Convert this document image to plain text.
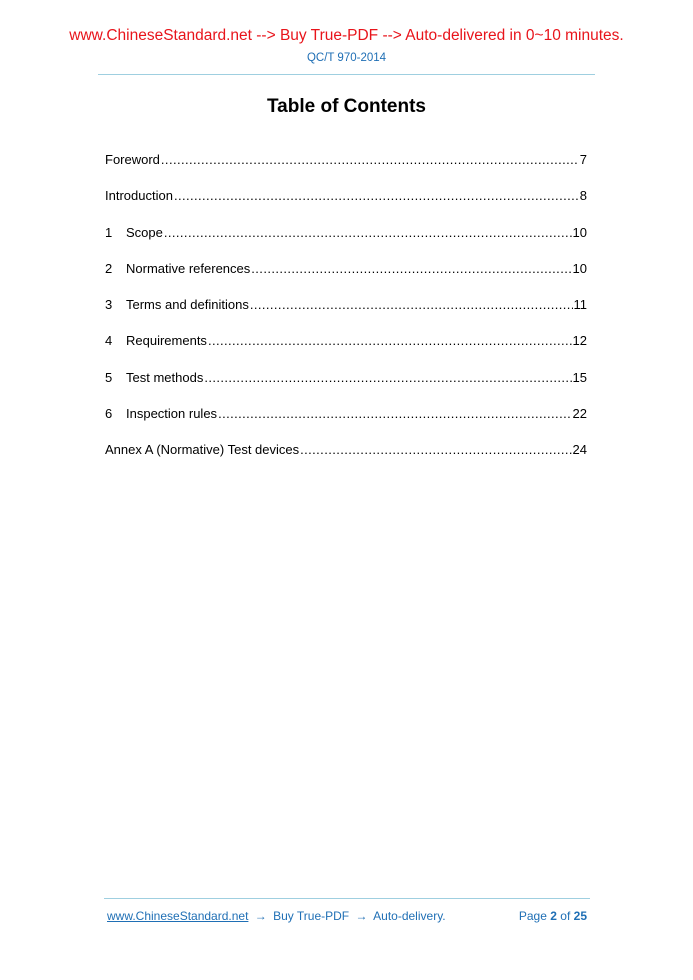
www.ChineseStandard.net --> Buy True-PDF --> Auto-delivered in 0~10 minutes.
QC/T 970-2014
Table of Contents
Foreword .....	7
Introduction .....	8
1	Scope .....	10
2	Normative references .....	10
3	Terms and definitions .....	11
4	Requirements .....	12
5	Test methods .....	15
6	Inspection rules .....	22
Annex A (Normative) Test devices .....	24
www.ChineseStandard.net → Buy True-PDF → Auto-delivery.	Page 2 of 25
